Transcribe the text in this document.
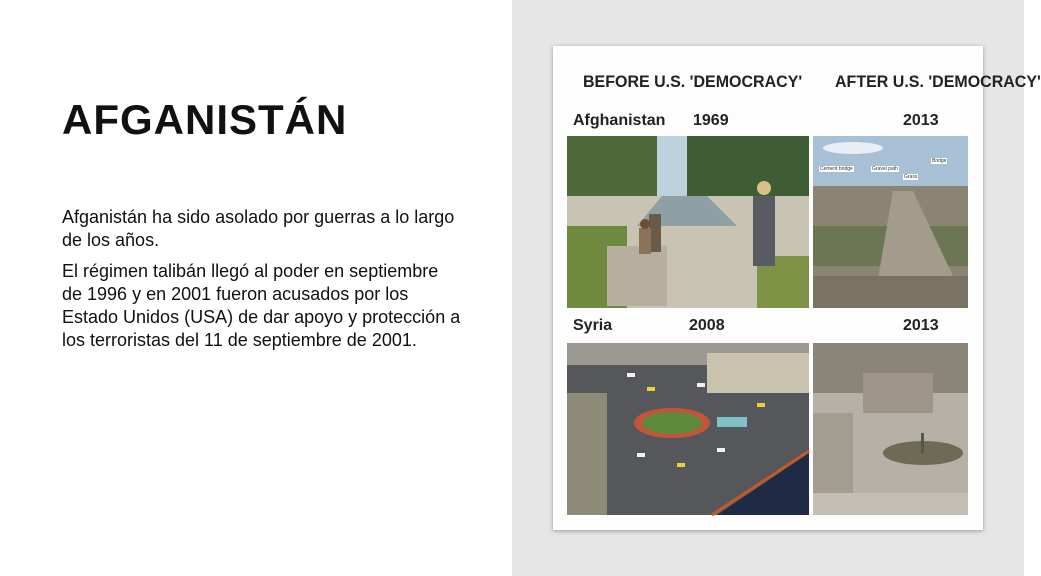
AFGANISTÁN

Afganistán ha sido asolado por guerras a lo largo de los años.

El régimen talibán llegó al poder en septiembre de 1996 y en 2001 fueron acusados por los Estado Unidos (USA) de dar apoyo y protección a los terroristas del 11 de septiembre de 2001.

BEFORE U.S. 'DEMOCRACY' AFTER U.S. 'DEMOCRACY'
Afghanistan 1969	2013
Cement bridge	Gravel path
Grass
Bridge
Syria	2008	2013
